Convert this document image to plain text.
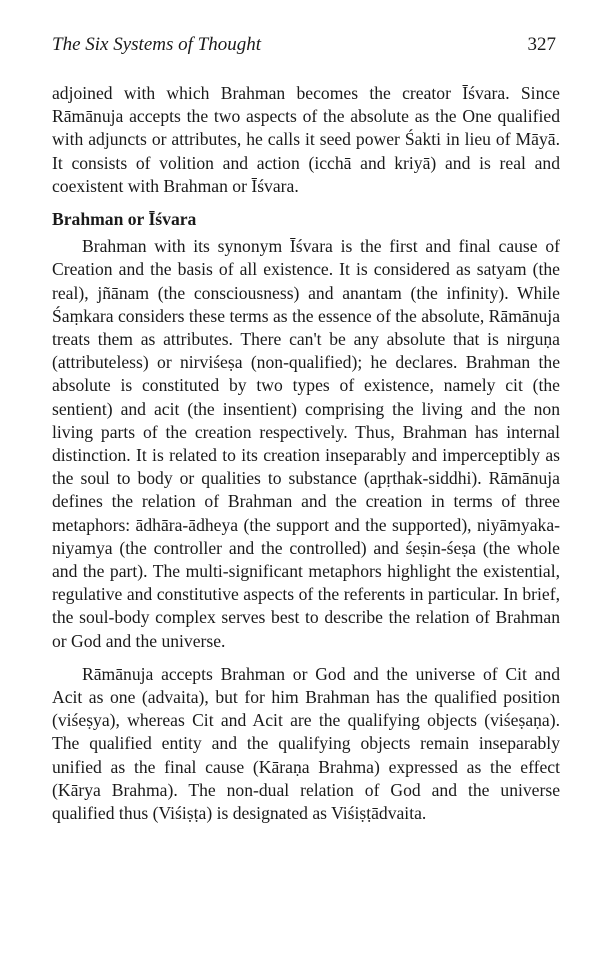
The Six Systems of Thought	327

adjoined with which Brahman becomes the creator Īśvara. Since Rāmānuja accepts the two aspects of the absolute as the One qualified with adjuncts or attributes, he calls it seed power Śakti in lieu of Māyā. It consists of volition and action (icchā and kriyā) and is real and coexistent with Brahman or Īśvara.

Brahman or Īśvara

Brahman with its synonym Īśvara is the first and final cause of Creation and the basis of all existence. It is considered as satyam (the real), jñānam (the consciousness) and anantam (the infinity). While Śaṃkara considers these terms as the essence of the absolute, Rāmānuja treats them as attributes. There can't be any absolute that is nirguṇa (attributeless) or nirviśeṣa (non-qualified); he declares. Brahman the absolute is constituted by two types of existence, namely cit (the sentient) and acit (the insentient) comprising the living and the non living parts of the creation respectively. Thus, Brahman has internal distinction. It is related to its creation inseparably and imperceptibly as the soul to body or qualities to substance (apṛthak-siddhi). Rāmānuja defines the relation of Brahman and the creation in terms of three metaphors: ādhāra-ādheya (the support and the supported), niyāmyaka-niyamya (the controller and the controlled) and śeṣin-śeṣa (the whole and the part). The multi-significant metaphors highlight the existential, regulative and constitutive aspects of the referents in particular. In brief, the soul-body complex serves best to describe the relation of Brahman or God and the universe.

Rāmānuja accepts Brahman or God and the universe of Cit and Acit as one (advaita), but for him Brahman has the qualified position (viśeṣya), whereas Cit and Acit are the qualifying objects (viśeṣaṇa). The qualified entity and the qualifying objects remain inseparably unified as the final cause (Kāraṇa Brahma) expressed as the effect (Kārya Brahma). The non-dual relation of God and the universe qualified thus (Viśiṣṭa) is designated as Viśiṣṭādvaita.
